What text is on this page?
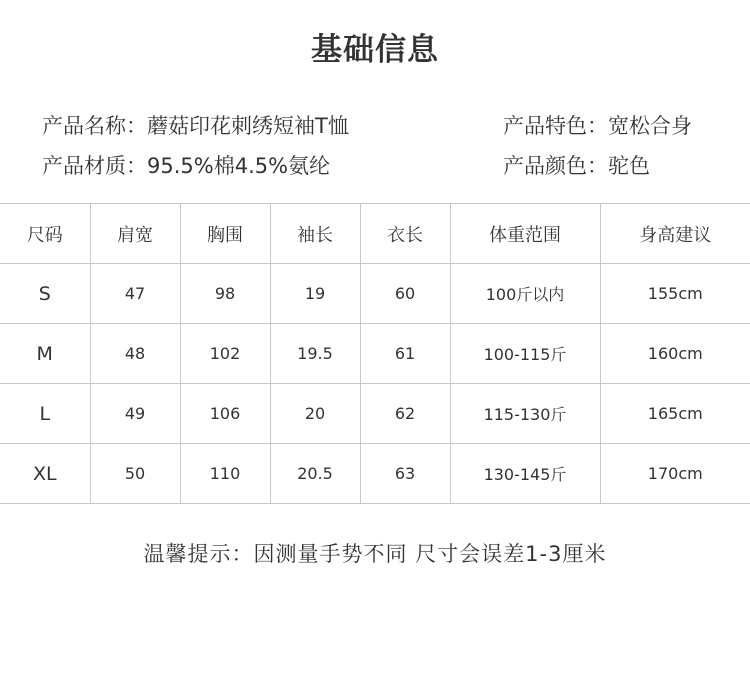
基础信息
产品名称：蘑菇印花刺绣短袖T恤	产品特色：宽松合身
产品材质：95.5%棉4.5%氨纶	产品颜色：驼色
尺码	肩宽	胸围	袖长	衣长	体重范围	身高建议
S	47	98	19	60	100斤以内	155cm
M	48	102	19.5	61	100-115斤	160cm
L	49	106	20	62	115-130斤	165cm
XL	50	110	20.5	63	130-145斤	170cm
温馨提示：因测量手势不同 尺寸会误差1-3厘米
